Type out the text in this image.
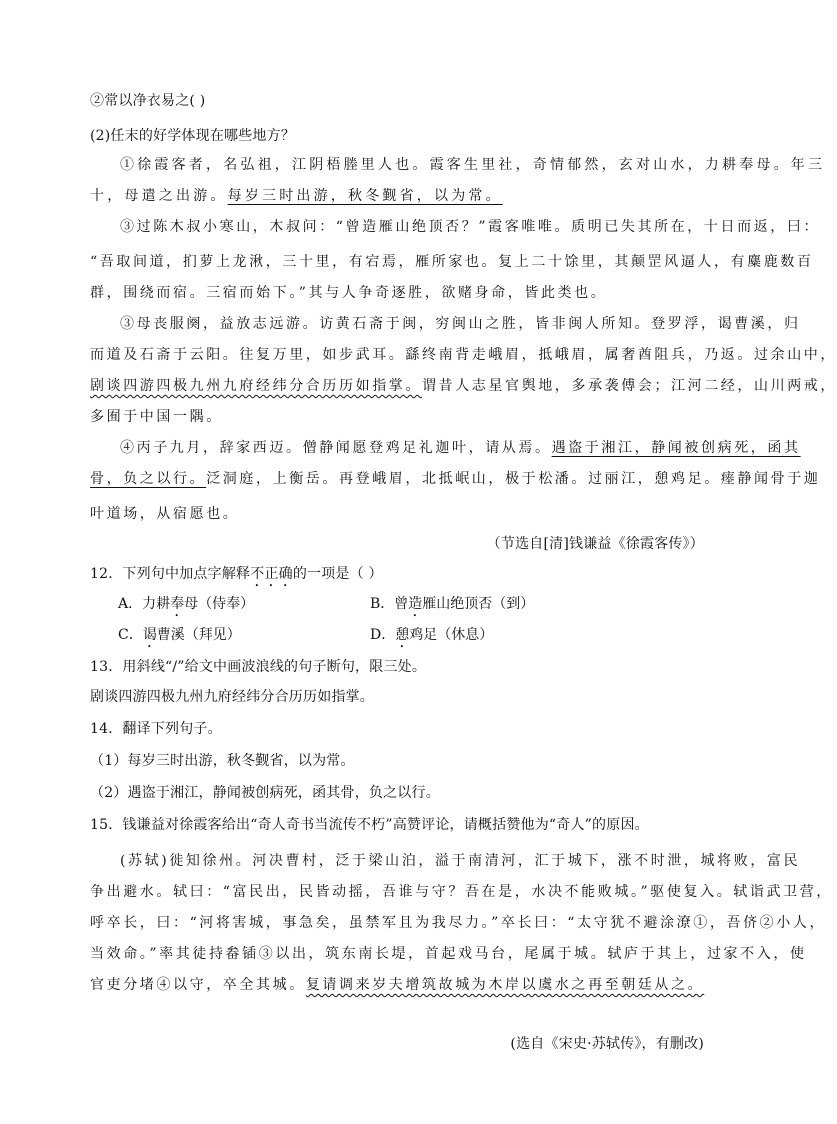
②常以净衣易之( )
(2)任末的好学体现在哪些地方？
①徐霞客者，名弘祖，江阴梧塍里人也。霞客生里社，奇情郁然，玄对山水，力耕奉母。年三
十，母遣之出游。每岁三时出游，秋冬觐省，以为常。
③过陈木叔小寒山，木叔问：“曾造雁山绝顶否？”霞客唯唯。质明已失其所在，十日而返，曰：
“吾取间道，扪萝上龙湫，三十里，有宕焉，雁所家也。复上二十馀里，其颠罡风逼人，有麋鹿数百
群，围绕而宿。三宿而始下。”其与人争奇逐胜，欲赌身命，皆此类也。
③母丧服阕，益放志远游。访黄石斋于闽，穷闽山之胜，皆非闽人所知。登罗浮，谒曹溪，归
而道及石斋于云阳。往复万里，如步武耳。繇终南背走峨眉，抵峨眉，属奢酋阻兵，乃返。过余山中，
剧谈四游四极九州九府经纬分合历历如指掌。谓昔人志星官舆地，多承袭傅会；江河二经，山川两戒，
多囿于中国一隅。
④丙子九月，辞家西迈。僧静闻愿登鸡足礼迦叶，请从焉。遇盗于湘江，静闻被创病死，函其
骨，负之以行。泛洞庭，上衡岳。再登峨眉，北抵岷山，极于松潘。过丽江，憩鸡足。瘗静闻骨于迦
叶道场，从宿愿也。
（节选自[清]钱谦益《徐霞客传》）
12．下列句中加点字解释不正确的一项是（ ）
A．力耕奉母（侍奉）	B．曾造雁山绝顶否（到）
C．谒曹溪（拜见）	D．憩鸡足（休息）
13．用斜线“/”给文中画波浪线的句子断句，限三处。
剧谈四游四极九州九府经纬分合历历如指掌。
14．翻译下列句子。
（1）每岁三时出游，秋冬觐省，以为常。
（2）遇盗于湘江，静闻被创病死，函其骨，负之以行。
15．钱谦益对徐霞客给出“奇人奇书当流传不朽”高赞评论，请概括赞他为“奇人”的原因。
(苏轼)徙知徐州。河决曹村，泛于梁山泊，溢于南清河，汇于城下，涨不时泄，城将败，富民
争出避水。轼曰：“富民出，民皆动摇，吾谁与守？吾在是，水决不能败城。”驱使复入。轼诣武卫营，
呼卒长，曰：“河将害城，事急矣，虽禁军且为我尽力。”卒长曰：“太守犹不避涂潦①，吾侪②小人，
当效命。”率其徒持畚锸③以出，筑东南长堤，首起戏马台，尾属于城。轼庐于其上，过家不入，使
官吏分堵④以守，卒全其城。复请调来岁夫增筑故城为木岸以虞水之再至朝廷从之。
(选自《宋史·苏轼传》，有删改)
